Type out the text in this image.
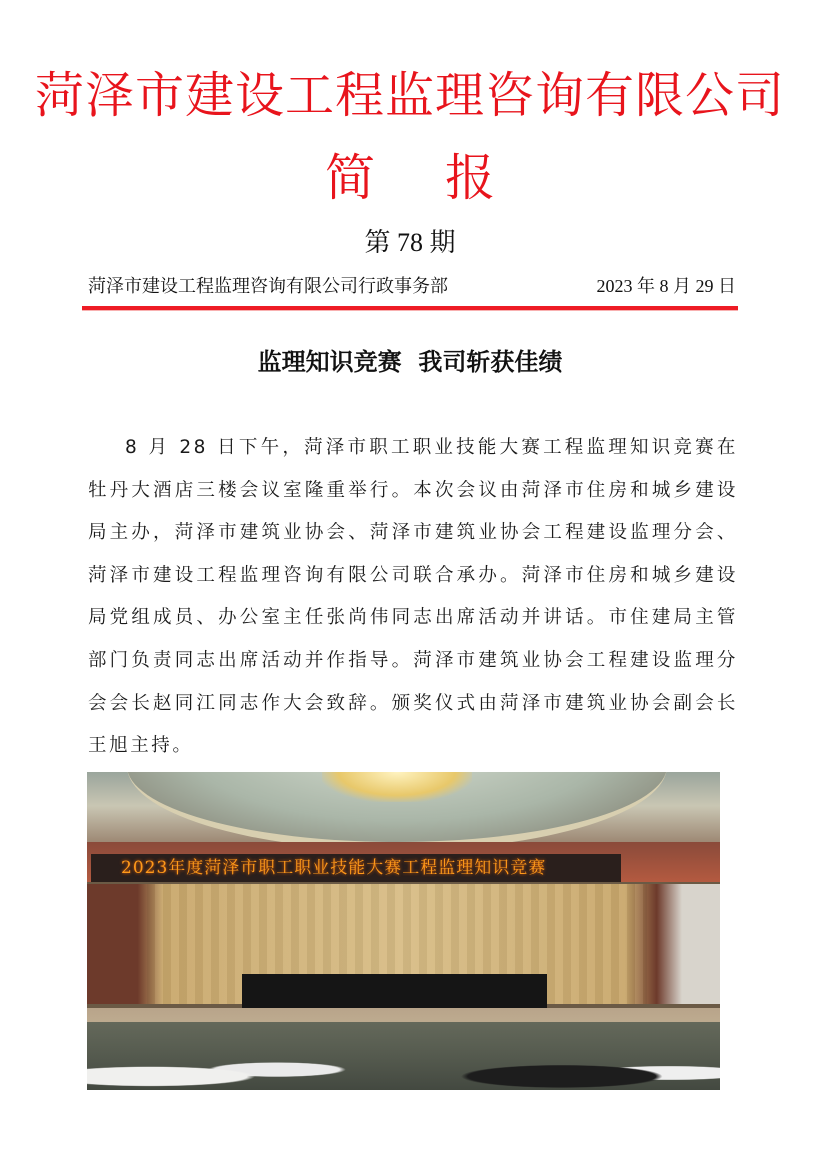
菏泽市建设工程监理咨询有限公司
简报
第 78 期
菏泽市建设工程监理咨询有限公司行政事务部	2023 年 8 月 29 日
监理知识竞赛  我司斩获佳绩

8 月 28 日下午，菏泽市职工职业技能大赛工程监理知识竞赛在牡丹大酒店三楼会议室隆重举行。本次会议由菏泽市住房和城乡建设局主办，菏泽市建筑业协会、菏泽市建筑业协会工程建设监理分会、菏泽市建设工程监理咨询有限公司联合承办。菏泽市住房和城乡建设局党组成员、办公室主任张尚伟同志出席活动并讲话。市住建局主管部门负责同志出席活动并作指导。菏泽市建筑业协会工程建设监理分会会长赵同江同志作大会致辞。颁奖仪式由菏泽市建筑业协会副会长王旭主持。

2023年度菏泽市职工职业技能大赛工程监理知识竞赛
